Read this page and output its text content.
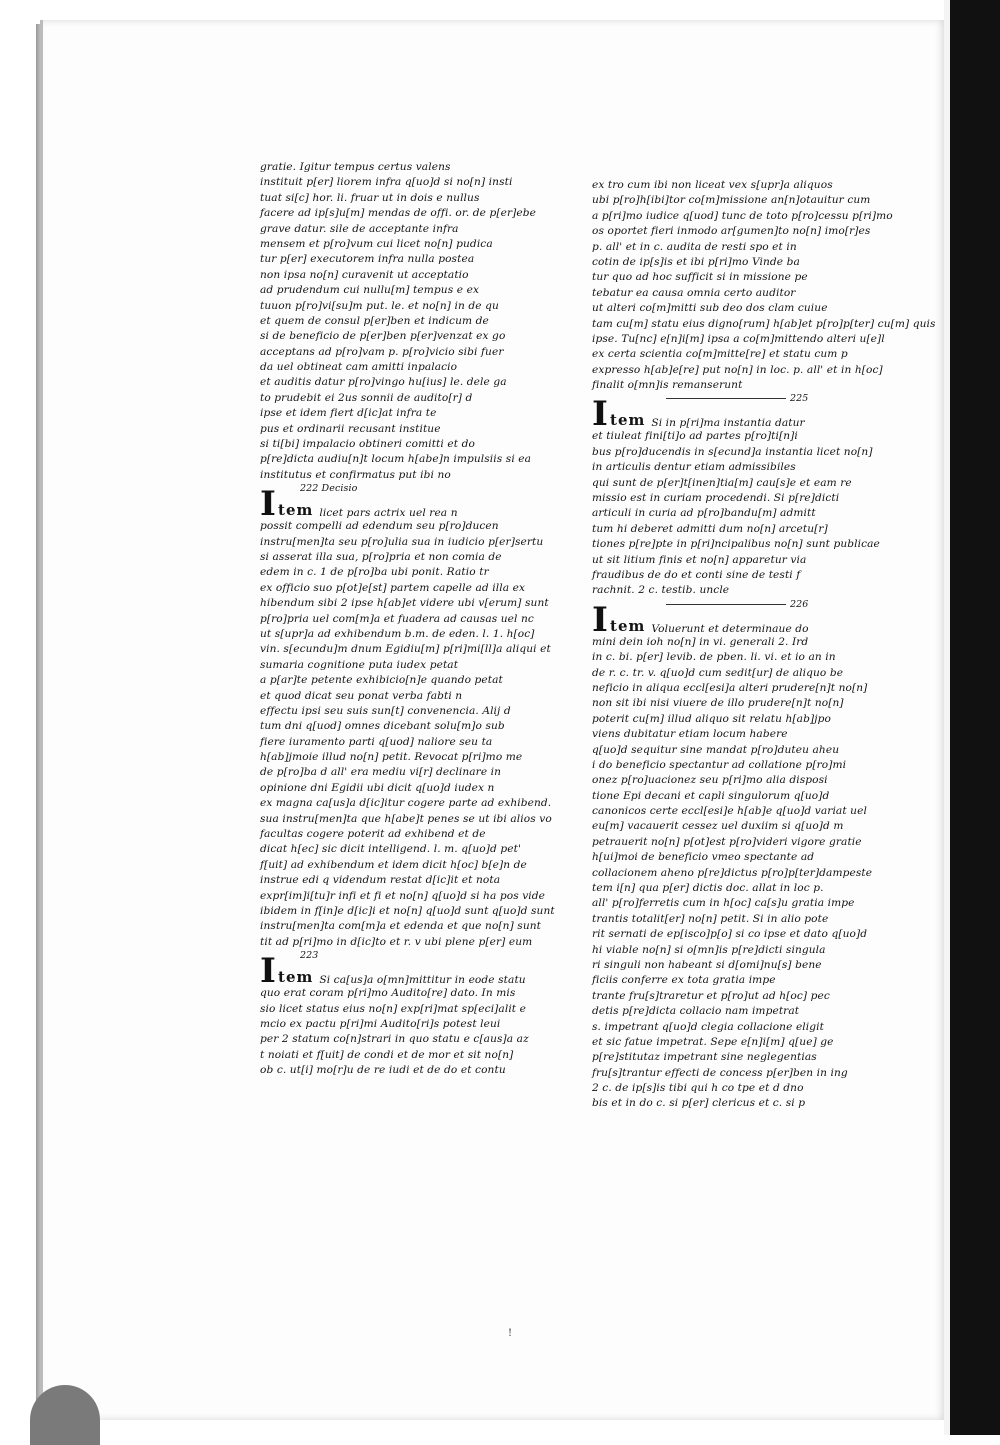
gratie. Igitur tempus certus valens
instituit p[er] liorem infra q[uo]d si no[n] insti
tuat si[c] hor. li. fruar ut in dois e nullus
facere ad ip[s]u[m] mendas de offi. or. de p[er]ebe
grave datur. sile de acceptante infra
mensem et p[ro]vum cui licet no[n] pudica
tur p[er] executorem infra nulla postea
non ipsa no[n] curavenit ut acceptatio
ad prudendum cui nullu[m] tempus e ex
tuuon p[ro]vi[su]m put. le. et no[n] in de qu
et quem de consul p[er]ben et indicum de
si de beneficio de p[er]ben p[er]venzat ex go
acceptans ad p[ro]vam p. p[ro]vicio sibi fuer
da uel obtineat cam amitti inpalacio
et auditis datur p[ro]vingo hu[ius] le. dele ga
to prudebit ei 2us sonnii de audito[r] d
ipse et idem fiert d[ic]at infra te
pus et ordinarii recusant institue
si ti[bi] impalacio obtineri comitti et do
p[re]dicta audiu[n]t locum h[abe]n impulsiis si ea
institutus et confirmatus put ibi no
222 Decisio
I tem licet pars actrix uel rea n
possit compelli ad edendum seu p[ro]ducen
instru[men]ta seu p[ro]ulia sua in iudicio p[er]sertu
si asserat illa sua, p[ro]pria et non comia de
edem in c. 1 de p[ro]ba ubi ponit. Ratio tr
ex officio suo p[ot]e[st] partem capelle ad illa ex
hibendum sibi 2 ipse h[ab]et videre ubi v[erum] sunt
p[ro]pria uel com[m]a et fuadera ad causas uel nc
ut s[upr]a ad exhibendum b.m. de eden. l. 1. h[oc]
vin. s[ecundu]m dnum Egidiu[m] p[ri]mi[ll]a aliqui et
sumaria cognitione puta iudex petat
a p[ar]te petente exhibicio[n]e quando petat
et quod dicat seu ponat verba fabti n
effectu ipsi seu suis sun[t] convenencia. Alij d
tum dni q[uod] omnes dicebant solu[m]o sub
fiere iuramento parti q[uod] naliore seu ta
h[ab]jmoie illud no[n] petit. Revocat p[ri]mo me
de p[ro]ba d all' era mediu vi[r] declinare in
opinione dni Egidii ubi dicit q[uo]d iudex n
ex magna ca[us]a d[ic]itur cogere parte ad exhibend.
sua instru[men]ta que h[abe]t penes se ut ibi alios vo
facultas cogere poterit ad exhibend et de
dicat h[ec] sic dicit intelligend. l. m. q[uo]d pet'
f[uit] ad exhibendum et idem dicit h[oc] b[e]n de
instrue edi q videndum restat d[ic]it et nota
expr[im]i[tu]r infi et fi et no[n] q[uo]d si ha pos vide
ibidem in f[in]e d[ic]i et no[n] q[uo]d sunt q[uo]d sunt
instru[men]ta com[m]a et edenda et que no[n] sunt
tit ad p[ri]mo in d[ic]to et r. v ubi plene p[er] eum
223
I tem Si ca[us]a o[mn]mittitur in eode statu
quo erat coram p[ri]mo Audito[re] dato. In mis
sio licet status eius no[n] exp[ri]mat sp[eci]alit e
mcio ex pactu p[ri]mi Audito[ri]s potest leui
per 2 statum co[n]strari in quo statu e c[aus]a az
t noiati et f[uit] de condi et de mor et sit no[n]
ob c. ut[i] mo[r]u de re iudi et de do et contu
ex tro cum ibi non liceat vex s[upr]a aliquos
ubi p[ro]h[ibi]tor co[m]missione an[n]otauitur cum
a p[ri]mo iudice q[uod] tunc de toto p[ro]cessu p[ri]mo
os oportet fieri inmodo ar[gumen]to no[n] imo[r]es
p. all' et in c. audita de resti spo et in
cotin de ip[s]is et ibi p[ri]mo Vinde ba
tur quo ad hoc sufficit si in missione pe
tebatur ea causa omnia certo auditor
ut alteri co[m]mitti sub deo dos clam cuiue
tam cu[m] statu eius digno[rum] h[ab]et p[ro]p[ter] cu[m] quis
ipse. Tu[nc] e[n]i[m] ipsa a co[m]mittendo alteri u[e]l
ex certa scientia co[m]mitte[re] et statu cum p
expresso h[ab]e[re] put no[n] in loc. p. all' et in h[oc]
finalit o[mn]is remanserunt
225
I tem Si in p[ri]ma instantia datur
et tiuleat fini[ti]o ad partes p[ro]ti[n]i
bus p[ro]ducendis in s[ecund]a instantia licet no[n]
in articulis dentur etiam admissibiles
qui sunt de p[er]t[inen]tia[m] cau[s]e et eam re
missio est in curiam procedendi. Si p[re]dicti
articuli in curia ad p[ro]bandu[m] admitt
tum hi deberet admitti dum no[n] arcetu[r]
tiones p[re]pte in p[ri]ncipalibus no[n] sunt publicae
ut sit litium finis et no[n] apparetur via
fraudibus de do et conti sine de testi f
rachnit. 2 c. testib. uncle
226
I tem Voluerunt et determinaue do
mini dein ioh no[n] in vi. generali 2. Ird
in c. bi. p[er] levib. de pben. li. vi. et io an in
de r. c. tr. v. q[uo]d cum sedit[ur] de aliquo be
neficio in aliqua eccl[esi]a alteri prudere[n]t no[n]
non sit ibi nisi viuere de illo prudere[n]t no[n]
poterit cu[m] illud aliquo sit relatu h[ab]jpo
viens dubitatur etiam locum habere
q[uo]d sequitur sine mandat p[ro]duteu aheu
i do beneficio spectantur ad collatione p[ro]mi
onez p[ro]uacionez seu p[ri]mo alia disposi
tione Epi decani et capli singulorum q[uo]d
canonicos certe eccl[esi]e h[ab]e q[uo]d variat uel
eu[m] vacauerit cessez uel duxiim si q[uo]d m
petrauerit no[n] p[ot]est p[ro]videri vigore gratie
h[ui]moi de beneficio vmeo spectante ad
collacionem aheno p[re]dictus p[ro]p[ter]dampeste
tem i[n] qua p[er] dictis doc. allat in loc p.
all' p[ro]ferretis cum in h[oc] ca[s]u gratia impe
trantis totalit[er] no[n] petit. Si in alio pote
rit sernati de ep[isco]p[o] si co ipse et dato q[uo]d
hi viable no[n] si o[mn]is p[re]dicti singula
ri singuli non habeant si d[omi]nu[s] bene
ficiis conferre ex tota gratia impe
trante fru[s]traretur et p[ro]ut ad h[oc] pec
detis p[re]dicta collacio nam impetrat
s. impetrant q[uo]d clegia collacione eligit
et sic fatue impetrat. Sepe e[n]i[m] q[ue] ge
p[re]stitutaz impetrant sine neglegentias
fru[s]trantur effecti de concess p[er]ben in ing
2 c. de ip[s]is tibi qui h co tpe et d dno
bis et in do c. si p[er] clericus et c. si p
!
